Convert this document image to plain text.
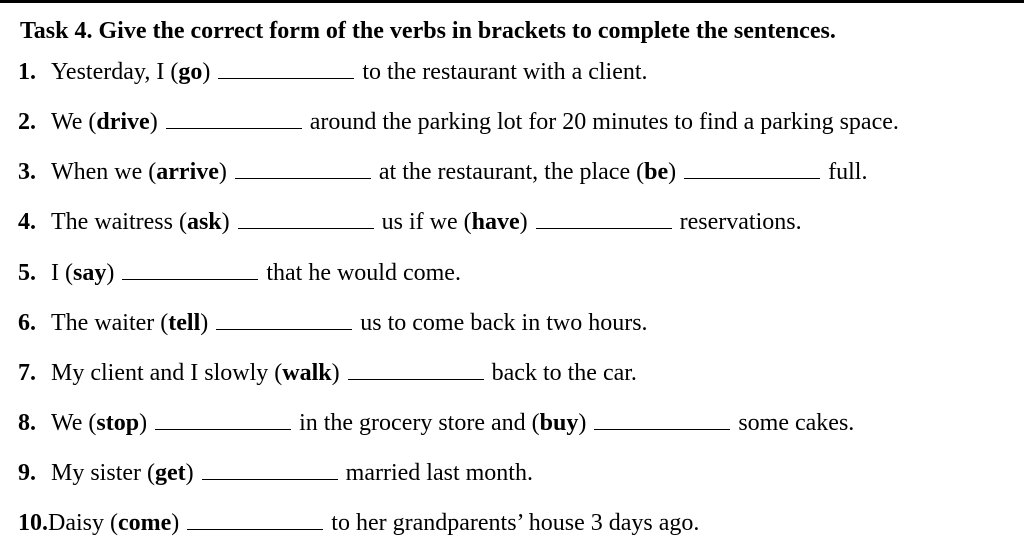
Task 4. Give the correct form of the verbs in brackets to complete the sentences.
1. Yesterday, I (go)	to the restaurant with a client.
2. We (drive)	around the parking lot for 20 minutes to find a parking space.
3. When we (arrive)	at the restaurant, the place (be)	full.
4. The waitress (ask)	us if we (have)	reservations.
5. I (say)	that he would come.
6. The waiter (tell)	us to come back in two hours.
7. My client and I slowly (walk)	back to the car.
8. We (stop)	in the grocery store and (buy)	some cakes.
9. My sister (get)	married last month.
10.Daisy (come)	to her grandparents’ house 3 days ago.
